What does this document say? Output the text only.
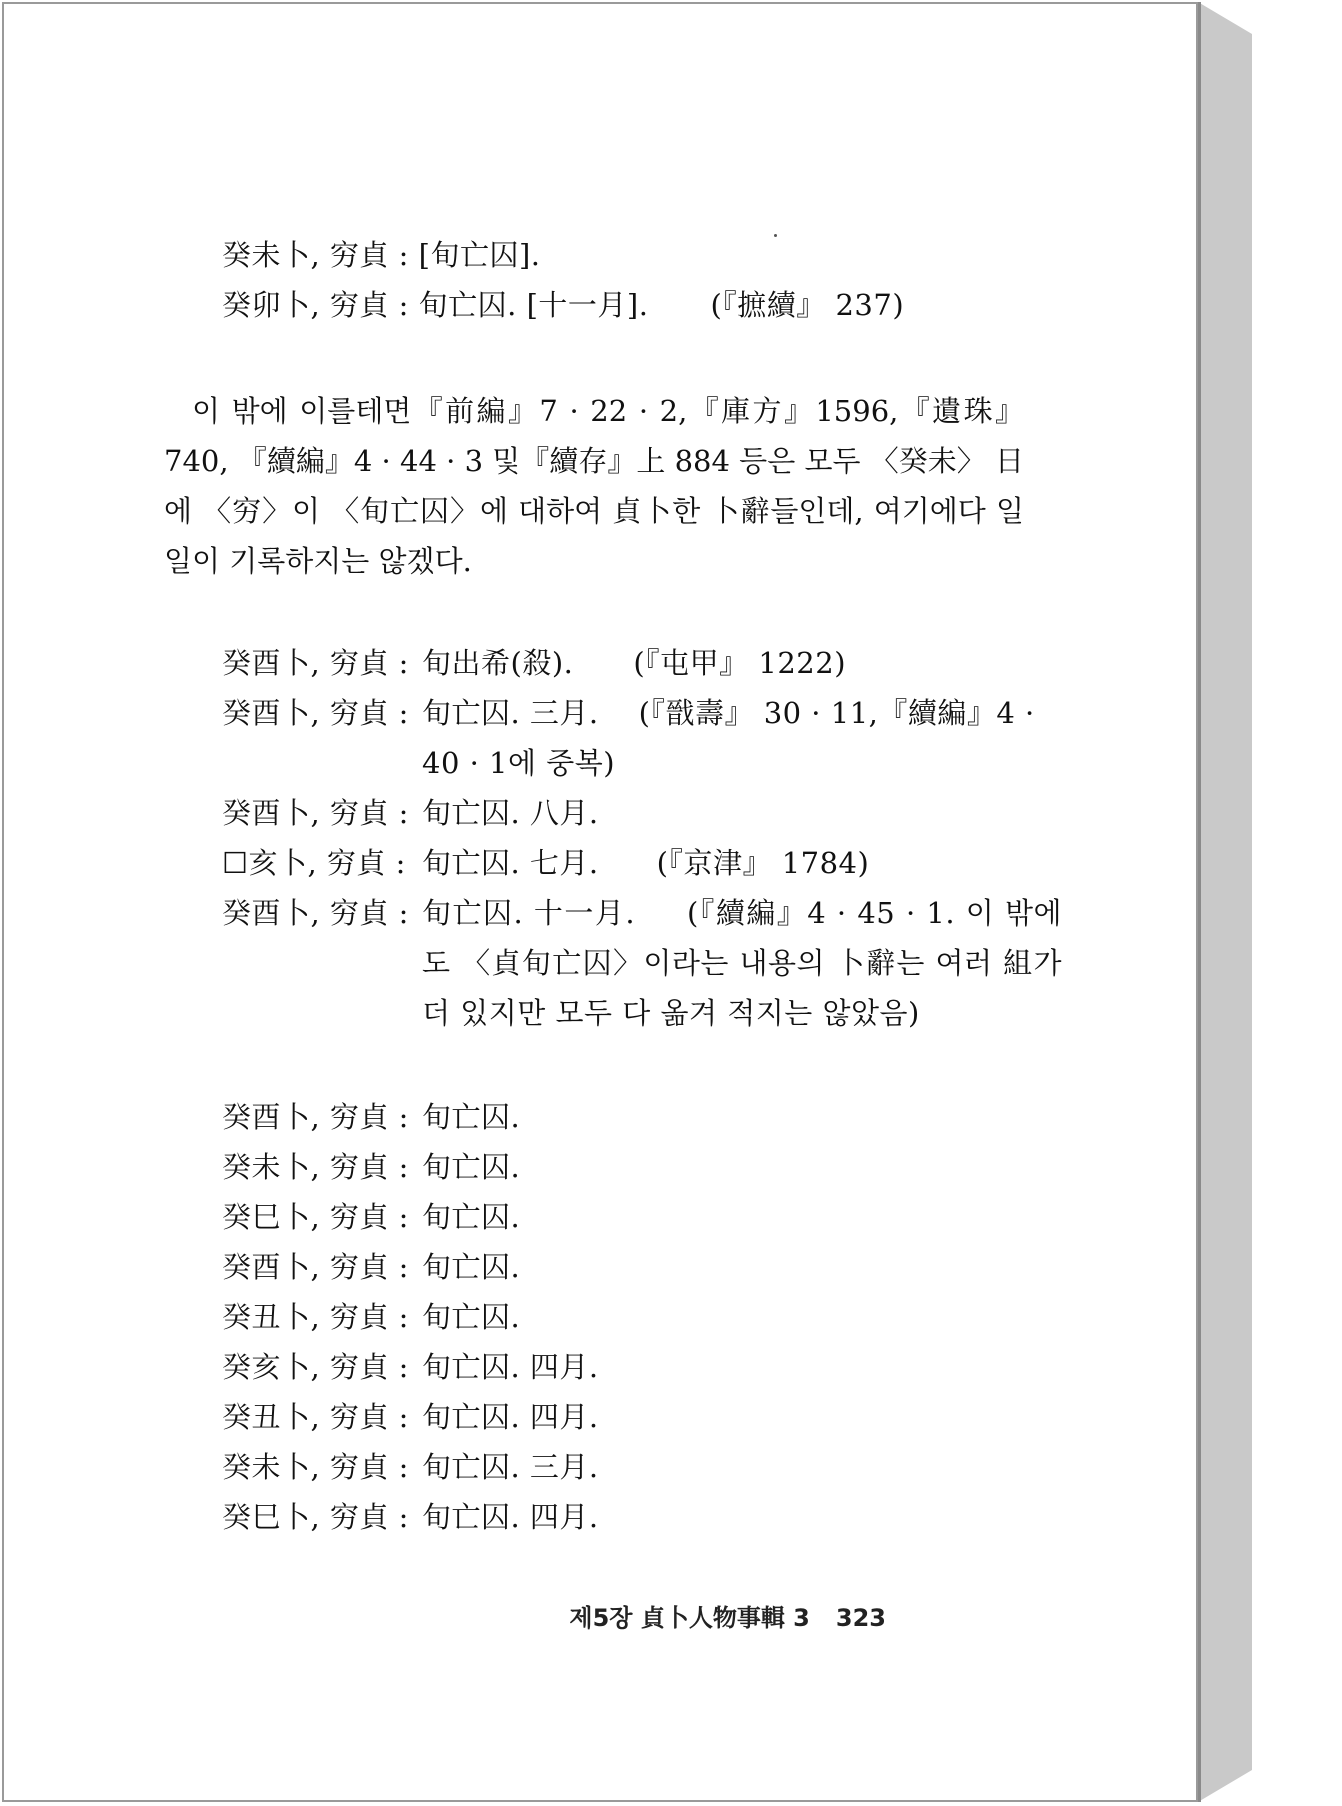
癸未卜, 穷貞 : [旬亡囚].
癸卯卜, 穷貞 : 旬亡囚. [十一月]. (『摭續』 237)
이 밖에 이를테면『前編』7 · 22 · 2,『庫方』1596,『遺珠』740, 『續編』4 · 44 · 3 및『續存』上 884 등은 모두 〈癸未〉 日에 〈穷〉이 〈旬亡囚〉에 대하여 貞卜한 卜辭들인데, 여기에다 일일이 기록하지는 않겠다.
癸酉卜, 穷貞 : 旬出希(殺). (『屯甲』 1222)
癸酉卜, 穷貞 : 旬亡囚. 三月. (『戩壽』 30 · 11,『續編』4 · 40 · 1에 중복)
癸酉卜, 穷貞 : 旬亡囚. 八月.
☐亥卜, 穷貞 : 旬亡囚. 七月. (『京津』 1784)
癸酉卜, 穷貞 : 旬亡囚. 十一月. (『續編』4 · 45 · 1. 이 밖에도 〈貞旬亡囚〉이라는 내용의 卜辭는 여러 組가 더 있지만 모두 다 옮겨 적지는 않았음)
癸酉卜, 穷貞 : 旬亡囚.
癸未卜, 穷貞 : 旬亡囚.
癸巳卜, 穷貞 : 旬亡囚.
癸酉卜, 穷貞 : 旬亡囚.
癸丑卜, 穷貞 : 旬亡囚.
癸亥卜, 穷貞 : 旬亡囚. 四月.
癸丑卜, 穷貞 : 旬亡囚. 四月.
癸未卜, 穷貞 : 旬亡囚. 三月.
癸巳卜, 穷貞 : 旬亡囚. 四月.
제5장 貞卜人物事輯 3 323
